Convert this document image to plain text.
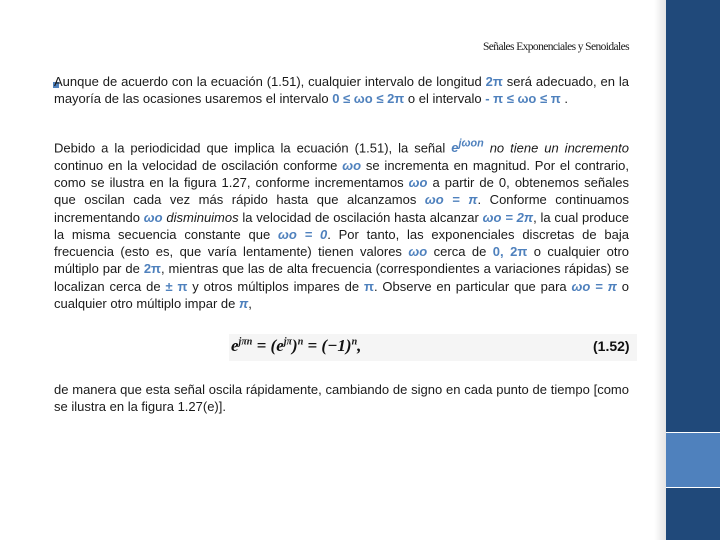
Señales Exponenciales y Senoidales

Aunque de acuerdo con la ecuación (1.51), cualquier intervalo de longitud 2π será adecuado, en la mayoría de las ocasiones usaremos el intervalo 0 ≤ ωo ≤ 2π o el intervalo - π ≤ ωo ≤ π .

Debido a la periodicidad que implica la ecuación (1.51), la señal $e^{j\omega on}$ no tiene un incremento continuo en la velocidad de oscilación conforme ωo se incrementa en magnitud. Por el contrario, como se ilustra en la figura 1.27, conforme incrementamos ωo a partir de 0, obtenemos señales que oscilan cada vez más rápido hasta que alcanzamos ωo = π. Conforme continuamos incrementando ωo disminuimos la velocidad de oscilación hasta alcanzar ωo = 2π, la cual produce la misma secuencia constante que ωo = 0. Por tanto, las exponenciales discretas de baja frecuencia (esto es, que varía lentamente) tienen valores ωo cerca de 0, 2π o cualquier otro múltiplo par de 2π, mientras que las de alta frecuencia (correspondientes a variaciones rápidas) se localizan cerca de ± π y otros múltiplos impares de π. Observe en particular que para ωo = π o cualquier otro múltiplo impar de π,

$e^{j\pi n} = (e^{j\pi})^n = (-1)^n$,	(1.52)

de manera que esta señal oscila rápidamente, cambiando de signo en cada punto de tiempo [como se ilustra en la figura 1.27(e)].
